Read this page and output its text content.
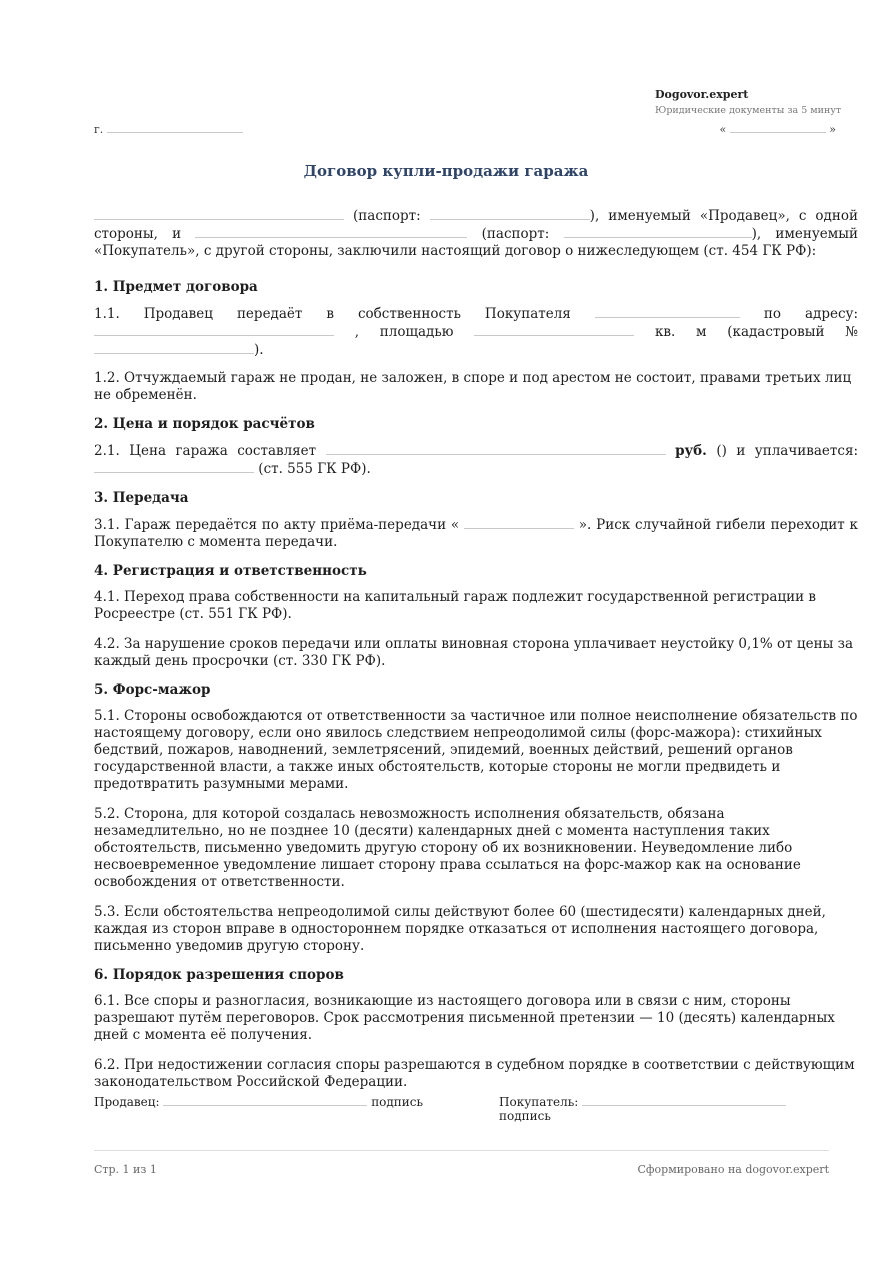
Dogovor.expert
Юридические документы за 5 минут
г.	«	»
Договор купли-продажи гаража

(паспорт:	), именуемый «Продавец», с одной

стороны, и	(паспорт:	), именуемый

«Покупатель», с другой стороны, заключили настоящий договор о нижеследующем (ст. 454 ГК РФ):

1. Предмет договора

1.1. Продавец передаёт в собственность Покупателя	по адресу:

, площадью	кв. м (кадастровый №

).

1.2. Отчуждаемый гараж не продан, не заложен, в споре и под арестом не состоит, правами третьих лиц не обременён.

2. Цена и порядок расчётов

2.1. Цена гаража составляет	руб. () и уплачивается:

(ст. 555 ГК РФ).

3. Передача

3.1. Гараж передаётся по акту приёма-передачи «	». Риск случайной гибели переходит к

Покупателю с момента передачи.

4. Регистрация и ответственность

4.1. Переход права собственности на капитальный гараж подлежит государственной регистрации в Росреестре (ст. 551 ГК РФ).

4.2. За нарушение сроков передачи или оплаты виновная сторона уплачивает неустойку 0,1% от цены за каждый день просрочки (ст. 330 ГК РФ).

5. Форс-мажор

5.1. Стороны освобождаются от ответственности за частичное или полное неисполнение обязательств по настоящему договору, если оно явилось следствием непреодолимой силы (форс-мажора): стихийных бедствий, пожаров, наводнений, землетрясений, эпидемий, военных действий, решений органов государственной власти, а также иных обстоятельств, которые стороны не могли предвидеть и предотвратить разумными мерами.

5.2. Сторона, для которой создалась невозможность исполнения обязательств, обязана незамедлительно, но не позднее 10 (десяти) календарных дней с момента наступления таких обстоятельств, письменно уведомить другую сторону об их возникновении. Неуведомление либо несвоевременное уведомление лишает сторону права ссылаться на форс-мажор как на основание освобождения от ответственности.

5.3. Если обстоятельства непреодолимой силы действуют более 60 (шестидесяти) календарных дней, каждая из сторон вправе в одностороннем порядке отказаться от исполнения настоящего договора, письменно уведомив другую сторону.

6. Порядок разрешения споров

6.1. Все споры и разногласия, возникающие из настоящего договора или в связи с ним, стороны разрешают путём переговоров. Срок рассмотрения письменной претензии — 10 (десять) календарных дней с момента её получения.

6.2. При недостижении согласия споры разрешаются в судебном порядке в соответствии с действующим законодательством Российской Федерации.

Продавец:	подпись	Покупатель:  подпись
Стр. 1 из 1	Сформировано на dogovor.expert
